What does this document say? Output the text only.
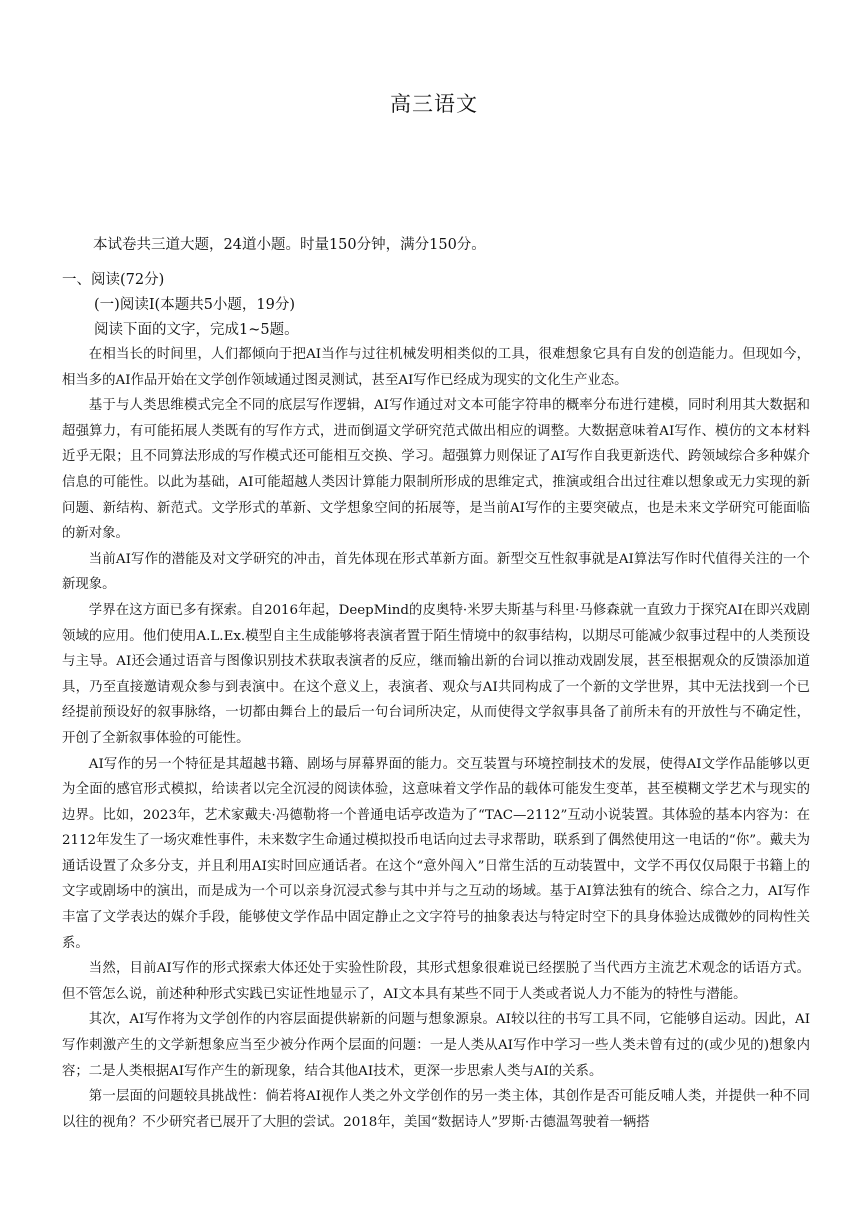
高三语文
本试卷共三道大题，24道小题。时量150分钟，满分150分。
一、阅读(72分)
(一)阅读Ⅰ(本题共5小题，19分)
阅读下面的文字，完成1~5题。

在相当长的时间里，人们都倾向于把AI当作与过往机械发明相类似的工具，很难想象它具有自发的创造能力。但现如今，相当多的AI作品开始在文学创作领域通过图灵测试，甚至AI写作已经成为现实的文化生产业态。

基于与人类思维模式完全不同的底层写作逻辑，AI写作通过对文本可能字符串的概率分布进行建模，同时利用其大数据和超强算力，有可能拓展人类既有的写作方式，进而倒逼文学研究范式做出相应的调整。大数据意味着AI写作、模仿的文本材料近乎无限；且不同算法形成的写作模式还可能相互交换、学习。超强算力则保证了AI写作自我更新迭代、跨领域综合多种媒介信息的可能性。以此为基础，AI可能超越人类因计算能力限制所形成的思维定式，推演或组合出过往难以想象或无力实现的新问题、新结构、新范式。文学形式的革新、文学想象空间的拓展等，是当前AI写作的主要突破点，也是未来文学研究可能面临的新对象。

当前AI写作的潜能及对文学研究的冲击，首先体现在形式革新方面。新型交互性叙事就是AI算法写作时代值得关注的一个新现象。

学界在这方面已多有探索。自2016年起，DeepMind的皮奥特·米罗夫斯基与科里·马修森就一直致力于探究AI在即兴戏剧领域的应用。他们使用A.L.Ex.模型自主生成能够将表演者置于陌生情境中的叙事结构，以期尽可能减少叙事过程中的人类预设与主导。AI还会通过语音与图像识别技术获取表演者的反应，继而输出新的台词以推动戏剧发展，甚至根据观众的反馈添加道具，乃至直接邀请观众参与到表演中。在这个意义上，表演者、观众与AI共同构成了一个新的文学世界，其中无法找到一个已经提前预设好的叙事脉络，一切都由舞台上的最后一句台词所决定，从而使得文学叙事具备了前所未有的开放性与不确定性，开创了全新叙事体验的可能性。

AI写作的另一个特征是其超越书籍、剧场与屏幕界面的能力。交互装置与环境控制技术的发展，使得AI文学作品能够以更为全面的感官形式模拟，给读者以完全沉浸的阅读体验，这意味着文学作品的载体可能发生变革，甚至模糊文学艺术与现实的边界。比如，2023年，艺术家戴夫·冯德勒将一个普通电话亭改造为了“TAC—2112”互动小说装置。其体验的基本内容为：在2112年发生了一场灾难性事件，未来数字生命通过模拟投币电话向过去寻求帮助，联系到了偶然使用这一电话的“你”。戴夫为通话设置了众多分支，并且利用AI实时回应通话者。在这个“意外闯入”日常生活的互动装置中，文学不再仅仅局限于书籍上的文字或剧场中的演出，而是成为一个可以亲身沉浸式参与其中并与之互动的场域。基于AI算法独有的统合、综合之力，AI写作丰富了文学表达的媒介手段，能够使文学作品中固定静止之文字符号的抽象表达与特定时空下的具身体验达成微妙的同构性关系。

当然，目前AI写作的形式探索大体还处于实验性阶段，其形式想象很难说已经摆脱了当代西方主流艺术观念的话语方式。但不管怎么说，前述种种形式实践已实证性地显示了，AI文本具有某些不同于人类或者说人力不能为的特性与潜能。

其次，AI写作将为文学创作的内容层面提供崭新的问题与想象源泉。AI较以往的书写工具不同，它能够自运动。因此，AI写作刺激产生的文学新想象应当至少被分作两个层面的问题：一是人类从AI写作中学习一些人类未曾有过的(或少见的)想象内容；二是人类根据AI写作产生的新现象，结合其他AI技术，更深一步思索人类与AI的关系。

第一层面的问题较具挑战性：倘若将AI视作人类之外文学创作的另一类主体，其创作是否可能反哺人类，并提供一种不同以往的视角？不少研究者已展开了大胆的尝试。2018年，美国“数据诗人”罗斯·古德温驾驶着一辆搭
